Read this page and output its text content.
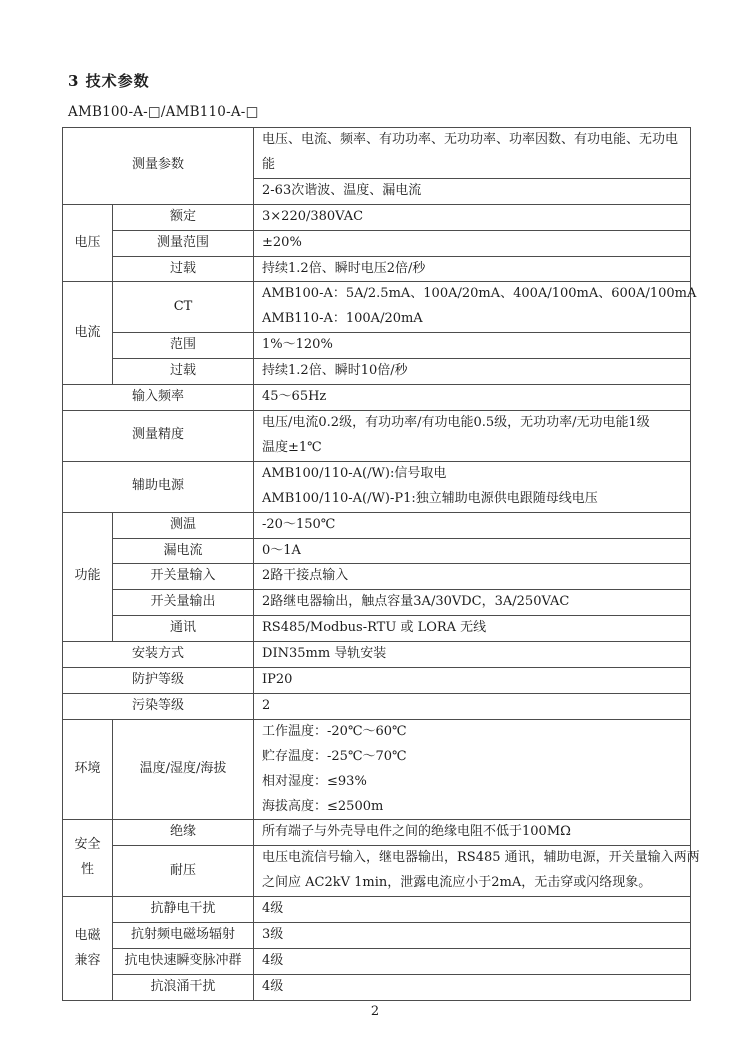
3 技术参数
AMB100-A-□/AMB110-A-□
测量参数		电压、电流、频率、有功功率、无功功率、功率因数、有功电能、无功电能
		2-63次谐波、温度、漏电流
电压	额定	3×220/380VAC
	测量范围	±20%
	过载	持续1.2倍、瞬时电压2倍/秒
电流	CT	AMB100-A：5A/2.5mA、100A/20mA、400A/100mA、600A/100mA
AMB110-A：100A/20mA

	范围	1%～120%
	过载	持续1.2倍、瞬时10倍/秒
输入频率		45～65Hz
测量精度		电压/电流0.2级，有功功率/有功电能0.5级，无功功率/无功电能1级
温度±1℃

辅助电源		AMB100/110-A(/W):信号取电
AMB100/110-A(/W)-P1:独立辅助电源供电跟随母线电压

功能	测温	-20～150℃
	漏电流	0～1A
	开关量输入	2路干接点输入
	开关量输出	2路继电器输出，触点容量3A/30VDC，3A/250VAC
	通讯	RS485/Modbus-RTU 或 LORA 无线
安装方式		DIN35mm 导轨安装
防护等级		IP20
污染等级		2
环境	温度/湿度/海拔	工作温度：-20℃～60℃
贮存温度：-25℃～70℃
相对湿度：≤93%
海拔高度：≤2500m

安全性	绝缘	所有端子与外壳导电件之间的绝缘电阻不低于100MΩ
	耐压	电压电流信号输入，继电器输出，RS485 通讯，辅助电源，开关量输入两两
之间应 AC2kV 1min，泄露电流应小于2mA，无击穿或闪络现象。

电磁兼容	抗静电干扰	4级
	抗射频电磁场辐射	3级
	抗电快速瞬变脉冲群	4级
	抗浪涌干扰	4级
2
